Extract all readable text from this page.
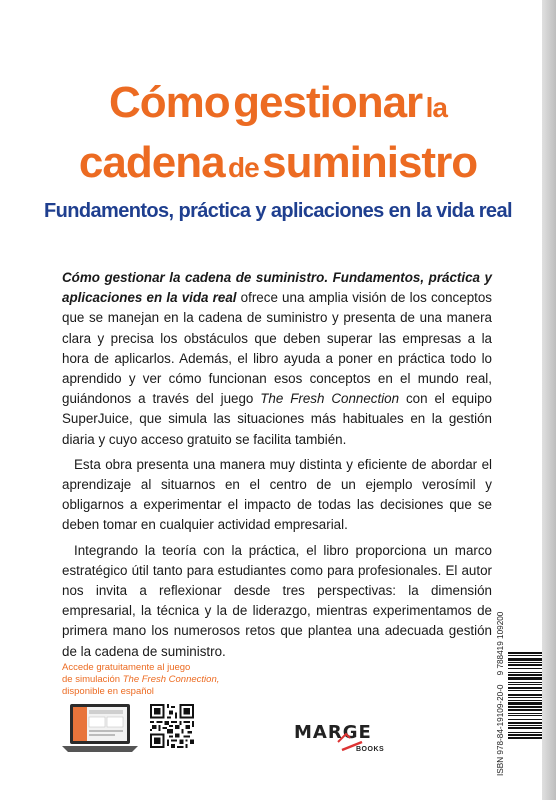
Cómo gestionar la
cadena de suministro
Fundamentos, práctica y aplicaciones en la vida real

Cómo gestionar la cadena de suministro. Fundamentos, práctica y aplicaciones en la vida real ofrece una amplia visión de los conceptos que se manejan en la cadena de suministro y presenta de una manera clara y precisa los obstáculos que deben superar las empresas a la hora de aplicarlos. Además, el libro ayuda a poner en práctica todo lo aprendido y ver cómo funcionan esos conceptos en el mundo real, guiándonos a través del juego The Fresh Connection con el equipo SuperJuice, que simula las situaciones más habituales en la gestión diaria y cuyo acceso gratuito se facilita también.

Esta obra presenta una manera muy distinta y eficiente de abordar el aprendizaje al situarnos en el centro de un ejemplo verosímil y obligarnos a experimentar el impacto de todas las decisiones que se deben tomar en cualquier actividad empresarial.

Integrando la teoría con la práctica, el libro proporciona un marco estratégico útil tanto para estudiantes como para profesionales. El autor nos invita a reflexionar desde tres perspectivas: la dimensión empresarial, la técnica y la de liderazgo, mientras experimentamos de primera mano los numerosos retos que plantea una adecuada gestión de la cadena de suministro.

Accede gratuitamente al juego
de simulación The Fresh Connection,
disponible en español
MARGE
BOOKS	ISBN 978-84-19109-20-0    9 788419 109200
